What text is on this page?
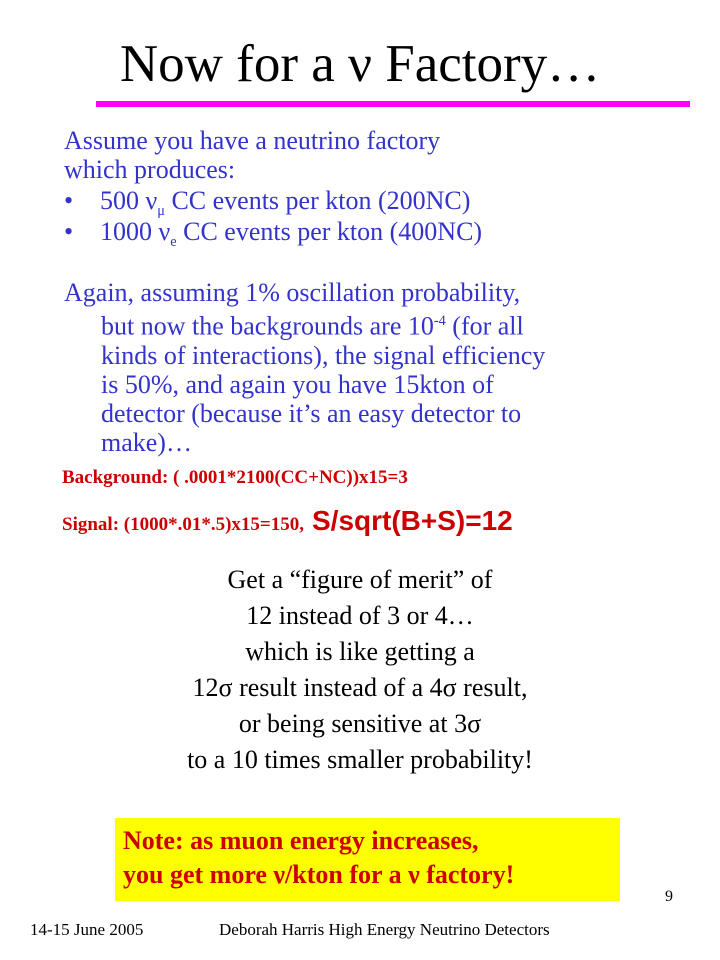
Now for a ν Factory…
Assume you have a neutrino factory
which produces:
• 500 $\nu_\mu$ CC events per kton (200NC)
• 1000 $\nu_e$ CC events per kton (400NC)
Again, assuming 1% oscillation probability,
but now the backgrounds are $10^{-4}$ (for all
kinds of interactions), the signal efficiency
is 50%, and again you have 15kton of
detector (because it’s an easy detector to
make)…
Background: ( .0001*2100(CC+NC))x15=3
Signal: (1000*.01*.5)x15=150, S/sqrt(B+S)=12
Get a “figure of merit” of
12 instead of 3 or 4…
which is like getting a
12σ result instead of a 4σ result,
or being sensitive at 3σ
to a 10 times smaller probability!
Note: as muon energy increases,
you get more ν/kton for a ν factory!
14-15 June 2005	Deborah Harris High Energy Neutrino Detectors
9
